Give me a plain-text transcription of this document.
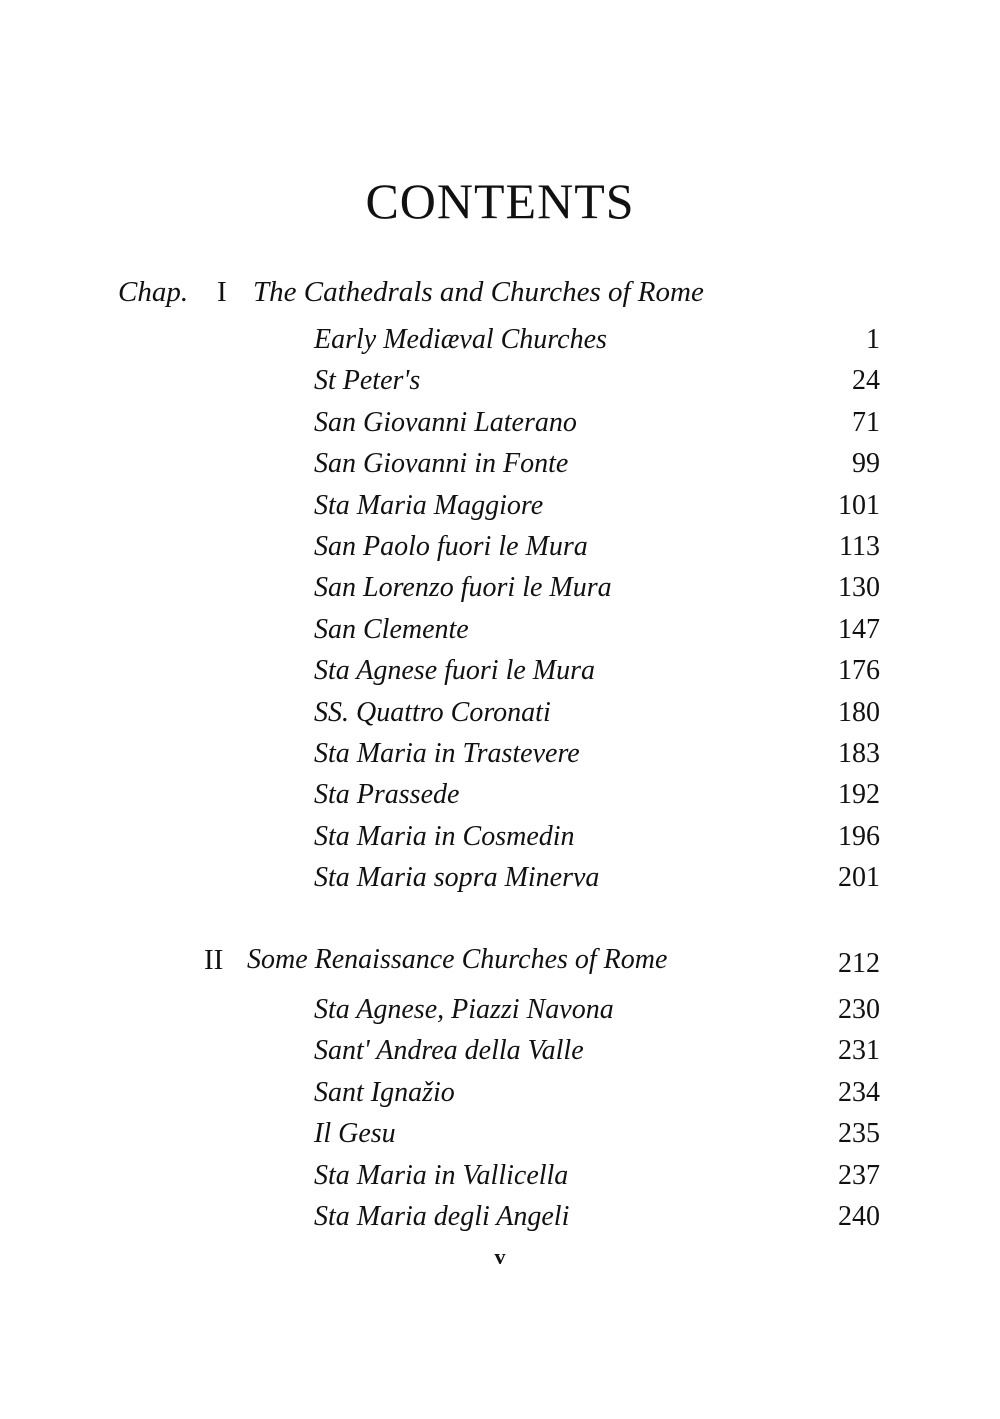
CONTENTS
Chap. I The Cathedrals and Churches of Rome
Early Mediæval Churches	1
St Peter's	24
San Giovanni Laterano	71
San Giovanni in Fonte	99
Sta Maria Maggiore	101
San Paolo fuori le Mura	113
San Lorenzo fuori le Mura	130
San Clemente	147
Sta Agnese fuori le Mura	176
SS. Quattro Coronati	180
Sta Maria in Trastevere	183
Sta Prassede	192
Sta Maria in Cosmedin	196
Sta Maria sopra Minerva	201
II Some Renaissance Churches of Rome	212
Sta Agnese, Piazzi Navona	230
Sant' Andrea della Valle	231
Sant Ignažio	234
Il Gesu	235
Sta Maria in Vallicella	237
Sta Maria degli Angeli	240
v
